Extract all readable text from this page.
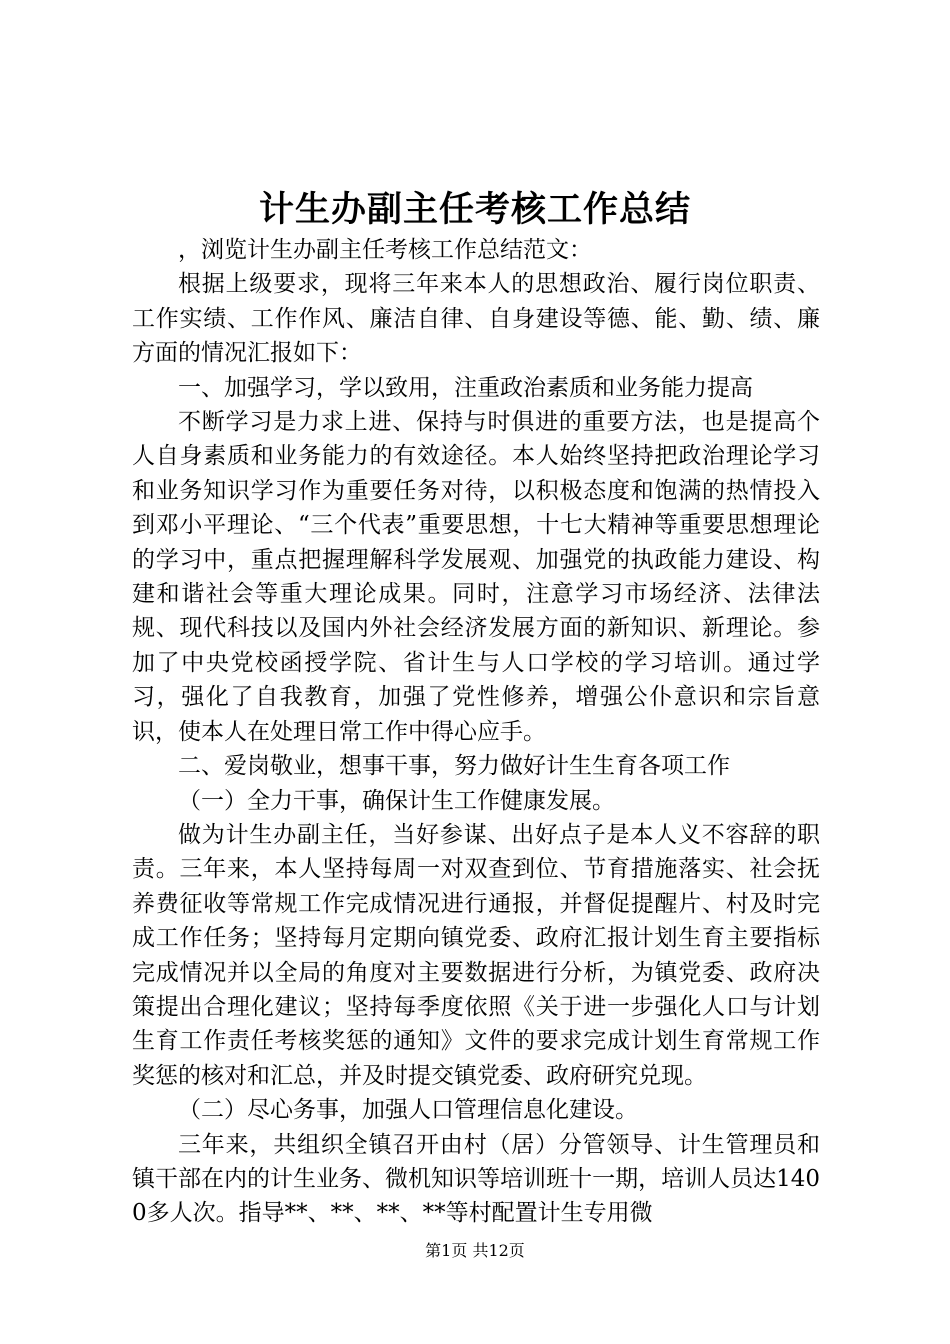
计生办副主任考核工作总结

，浏览计生办副主任考核工作总结范文：

根据上级要求，现将三年来本人的思想政治、履行岗位职责、工作实绩、工作作风、廉洁自律、自身建设等德、能、勤、绩、廉方面的情况汇报如下：

一、加强学习，学以致用，注重政治素质和业务能力提高

不断学习是力求上进、保持与时俱进的重要方法，也是提高个人自身素质和业务能力的有效途径。本人始终坚持把政治理论学习和业务知识学习作为重要任务对待，以积极态度和饱满的热情投入到邓小平理论、“三个代表”重要思想，十七大精神等重要思想理论的学习中，重点把握理解科学发展观、加强党的执政能力建设、构建和谐社会等重大理论成果。同时，注意学习市场经济、法律法规、现代科技以及国内外社会经济发展方面的新知识、新理论。参加了中央党校函授学院、省计生与人口学校的学习培训。通过学习，强化了自我教育，加强了党性修养，增强公仆意识和宗旨意识，使本人在处理日常工作中得心应手。

二、爱岗敬业，想事干事，努力做好计生生育各项工作

（一）全力干事，确保计生工作健康发展。

做为计生办副主任，当好参谋、出好点子是本人义不容辞的职责。三年来，本人坚持每周一对双查到位、节育措施落实、社会抚养费征收等常规工作完成情况进行通报，并督促提醒片、村及时完成工作任务；坚持每月定期向镇党委、政府汇报计划生育主要指标完成情况并以全局的角度对主要数据进行分析，为镇党委、政府决策提出合理化建议；坚持每季度依照《关于进一步强化人口与计划生育工作责任考核奖惩的通知》文件的要求完成计划生育常规工作奖惩的核对和汇总，并及时提交镇党委、政府研究兑现。

（二）尽心务事，加强人口管理信息化建设。

三年来，共组织全镇召开由村（居）分管领导、计生管理员和镇干部在内的计生业务、微机知识等培训班十一期，培训人员达1400多人次。指导**、**、**、**等村配置计生专用微

第1页 共12页
